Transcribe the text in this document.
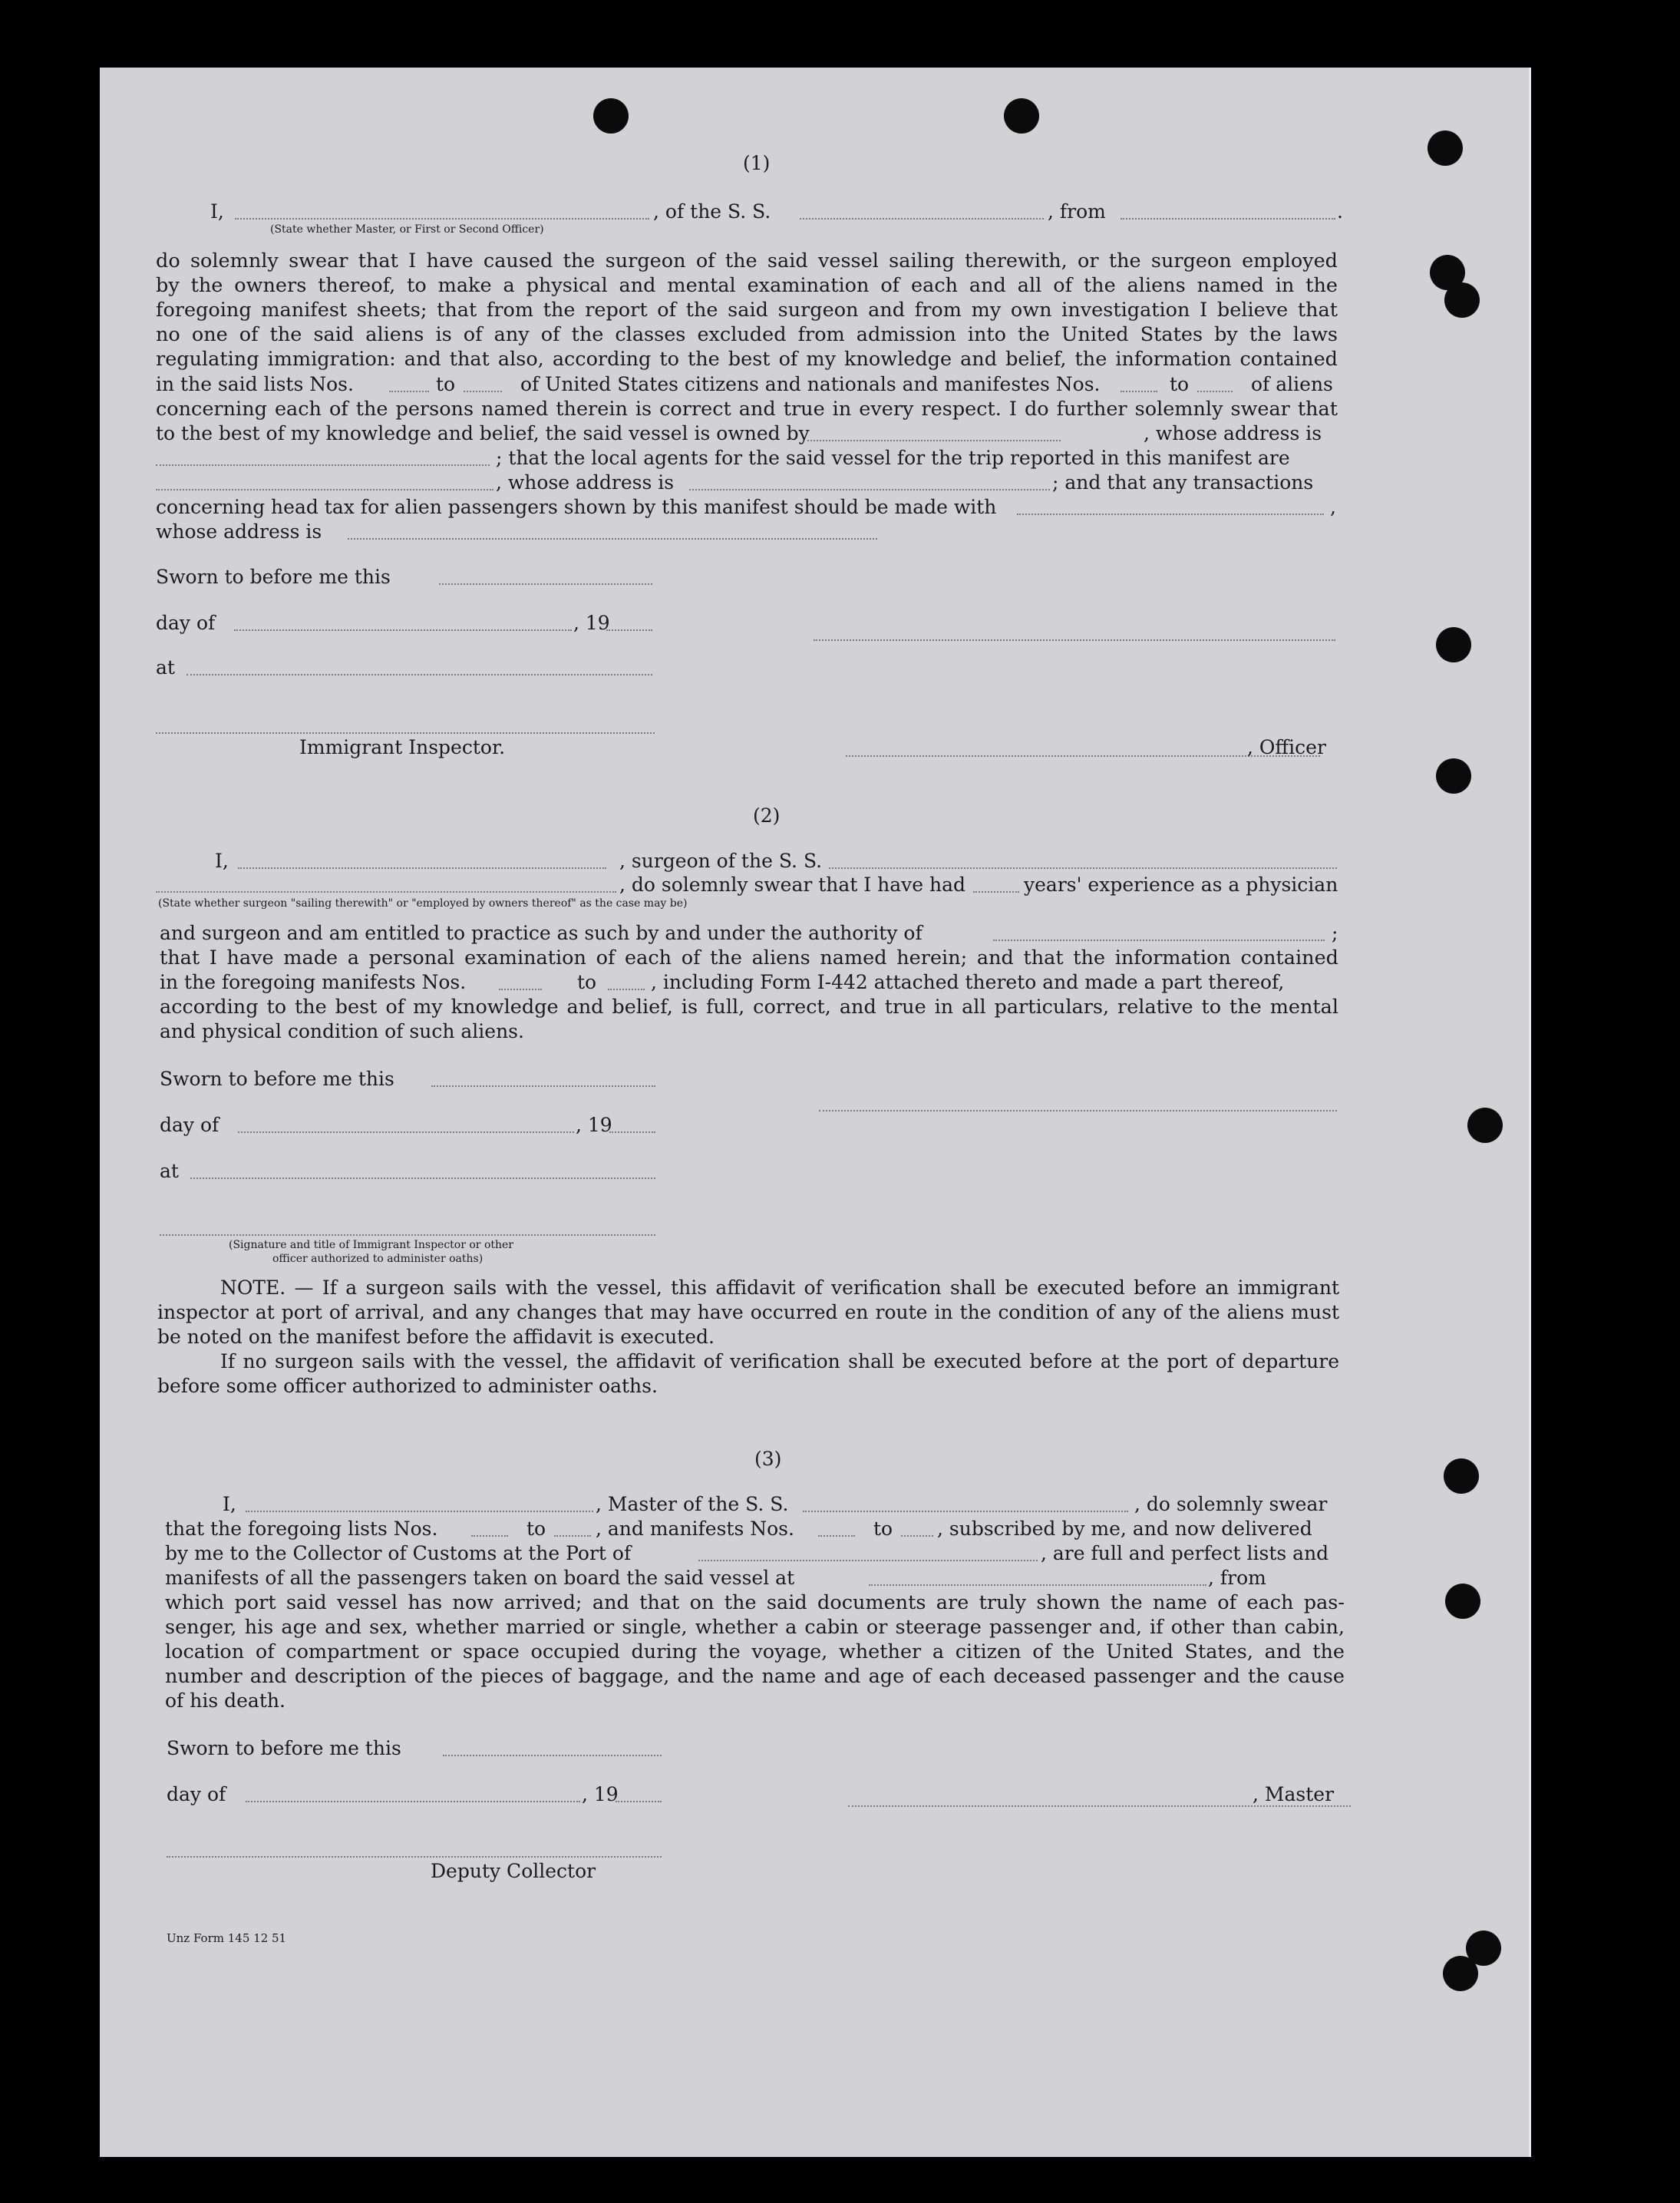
(1)
I,	, of the S. S.	, from	.
(State whether Master, or First or Second Officer)
do solemnly swear that I have caused the surgeon of the said vessel sailing therewith, or the surgeon employed
by the owners thereof, to make a physical and mental examination of each and all of the aliens named in the
foregoing manifest sheets; that from the report of the said surgeon and from my own investigation I believe that
no one of the said aliens is of any of the classes excluded from admission into the United States by the laws
regulating immigration: and that also, according to the best of my knowledge and belief, the information contained
in the said lists Nos.	to	of United States citizens and nationals and manifestes Nos.	to	of aliens
concerning each of the persons named therein is correct and true in every respect. I do further solemnly swear that
to the best of my knowledge and belief, the said vessel is owned by	, whose address is
; that the local agents for the said vessel for the trip reported in this manifest are
, whose address is	; and that any transactions
concerning head tax for alien passengers shown by this manifest should be made with	,
whose address is
Sworn to before me this
day of	, 19
at
Immigrant Inspector.	, Officer
(2)
I,	, surgeon of the S. S.
, do solemnly swear that I have had	years' experience as a physician
(State whether surgeon "sailing therewith" or "employed by owners thereof" as the case may be)
and surgeon and am entitled to practice as such by and under the authority of	;
that I have made a personal examination of each of the aliens named herein; and that the information contained
in the foregoing manifests Nos.	to	, including Form I-442 attached thereto and made a part thereof,
according to the best of my knowledge and belief, is full, correct, and true in all particulars, relative to the mental
and physical condition of such aliens.
Sworn to before me this
day of	, 19
at
(Signature and title of Immigrant Inspector or other
officer authorized to administer oaths)
NOTE. — If a surgeon sails with the vessel, this affidavit of verification shall be executed before an immigrant inspector at port of arrival, and any changes that may have occurred en route in the condition of any of the aliens must be noted on the manifest before the affidavit is executed.
If no surgeon sails with the vessel, the affidavit of verification shall be executed before at the port of departure before some officer authorized to administer oaths.
(3)
I,	, Master of the S. S.	, do solemnly swear
that the foregoing lists Nos.	to	, and manifests Nos.	to , subscribed by me, and now delivered
by me to the Collector of Customs at the Port of	, are full and perfect lists and
manifests of all the passengers taken on board the said vessel at	, from
which port said vessel has now arrived; and that on the said documents are truly shown the name of each pas-
senger, his age and sex, whether married or single, whether a cabin or steerage passenger and, if other than cabin,
location of compartment or space occupied during the voyage, whether a citizen of the United States, and the
number and description of the pieces of baggage, and the name and age of each deceased passenger and the cause
of his death.
Sworn to before me this
day of	, 19	, Master
Deputy Collector
Unz Form 145 12 51
